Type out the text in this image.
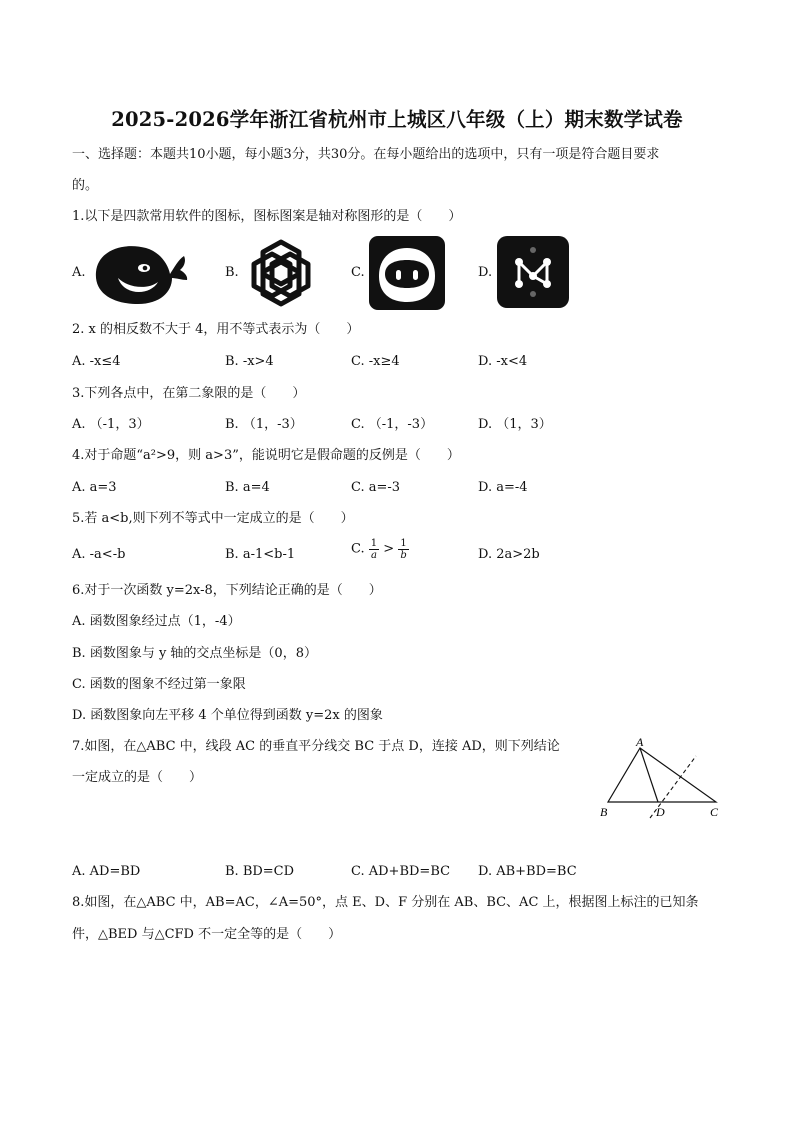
2025-2026学年浙江省杭州市上城区八年级（上）期末数学试卷
一、选择题：本题共10小题，每小题3分，共30分。在每小题给出的选项中，只有一项是符合题目要求
的。
1.以下是四款常用软件的图标，图标图案是轴对称图形的是（　　）
A.	B.	C.	D.
2. x 的相反数不大于 4，用不等式表示为（　　）
A. -x≤4	B. -x>4	C. -x≥4	D. -x<4
3.下列各点中，在第二象限的是（　　）
A. （-1，3）	B. （1，-3）	C. （-1，-3）	D. （1，3）
4.对于命题“a²>9，则 a>3”，能说明它是假命题的反例是（　　）
A. a=3	B. a=4	C. a=-3	D. a=-4
5.若 a<b,则下列不等式中一定成立的是（　　）
A. -a<-b	B. a-1<b-1	C. $\frac{1}{a} > \frac{1}{b}$	D. 2a>2b
6.对于一次函数 y=2x-8，下列结论正确的是（　　）
A. 函数图象经过点（1，-4）
B. 函数图象与 y 轴的交点坐标是（0，8）
C. 函数的图象不经过第一象限
D. 函数图象向左平移 4 个单位得到函数 y=2x 的图象
7.如图，在△ABC 中，线段 AC 的垂直平分线交 BC 于点 D，连接 AD，则下列结论
一定成立的是（　　）
A
B	D	C
A. AD=BD	B. BD=CD	C. AD+BD=BC D. AB+BD=BC
8.如图，在△ABC 中，AB=AC，∠A=50°，点 E、D、F 分别在 AB、BC、AC 上，根据图上标注的已知条
件，△BED 与△CFD 不一定全等的是（　　）
